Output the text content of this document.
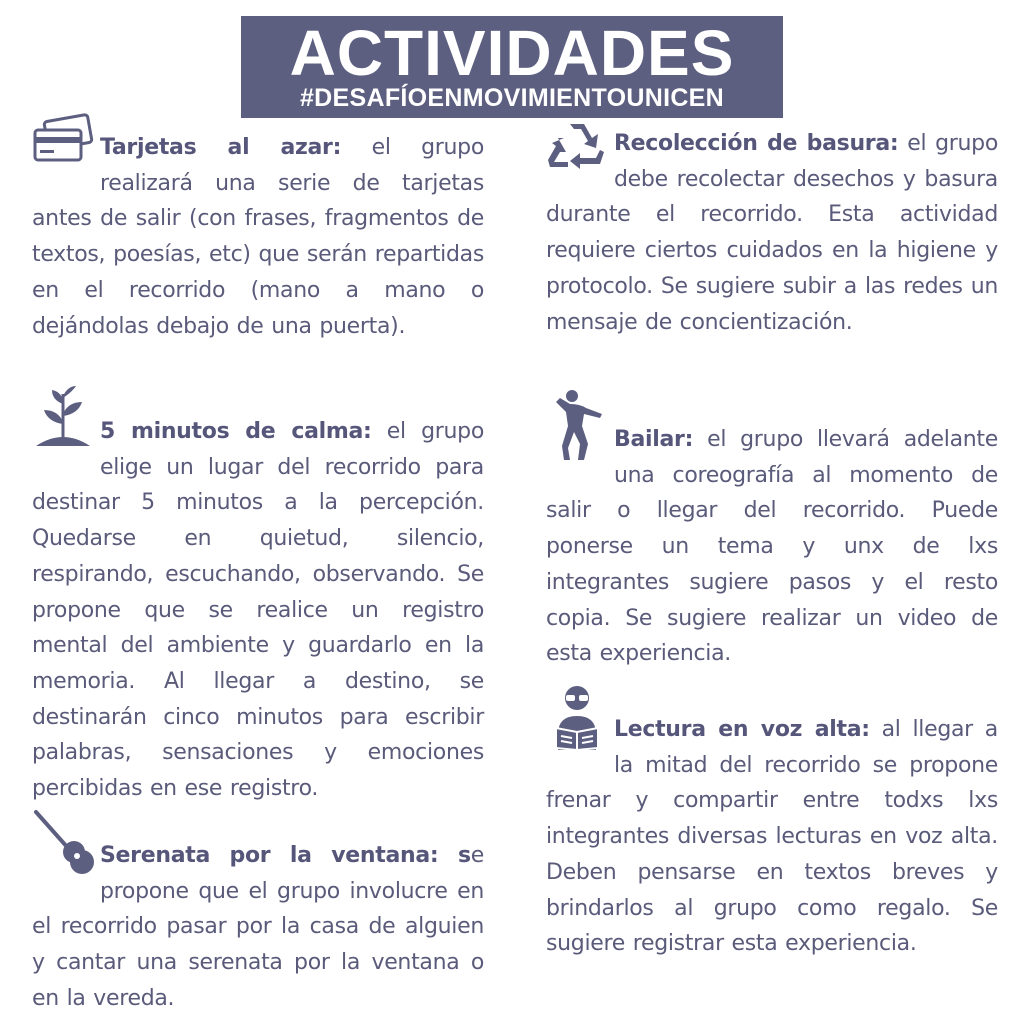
ACTIVIDADES
#DESAFÍOENMOVIMIENTOUNICEN

Tarjetas al azar: el grupo realizará una serie de tarjetas antes de salir (con frases, fragmentos de textos, poesías, etc) que serán repartidas en el recorrido (mano a mano o dejándolas debajo de una puerta).

5 minutos de calma: el grupo elige un lugar del recorrido para destinar 5 minutos a la percepción. Quedarse en quietud, silencio, respirando, escuchando, observando. Se propone que se realice un registro mental del ambiente y guardarlo en la memoria. Al llegar a destino, se destinarán cinco minutos para escribir palabras, sensaciones y emociones percibidas en ese registro.

Serenata por la ventana: se propone que el grupo involucre en el recorrido pasar por la casa de alguien y cantar una serenata por la ventana o en la vereda.

Recolección de basura: el grupo debe recolectar desechos y basura durante el recorrido. Esta actividad requiere ciertos cuidados en la higiene y protocolo. Se sugiere subir a las redes un mensaje de concientización.

Bailar: el grupo llevará adelante una coreografía al momento de salir o llegar del recorrido. Puede ponerse un tema y unx de lxs integrantes sugiere pasos y el resto copia. Se sugiere realizar un video de esta experiencia.

Lectura en voz alta: al llegar a la mitad del recorrido se propone frenar y compartir entre todxs lxs integrantes diversas lecturas en voz alta. Deben pensarse en textos breves y brindarlos al grupo como regalo. Se sugiere registrar esta experiencia.
